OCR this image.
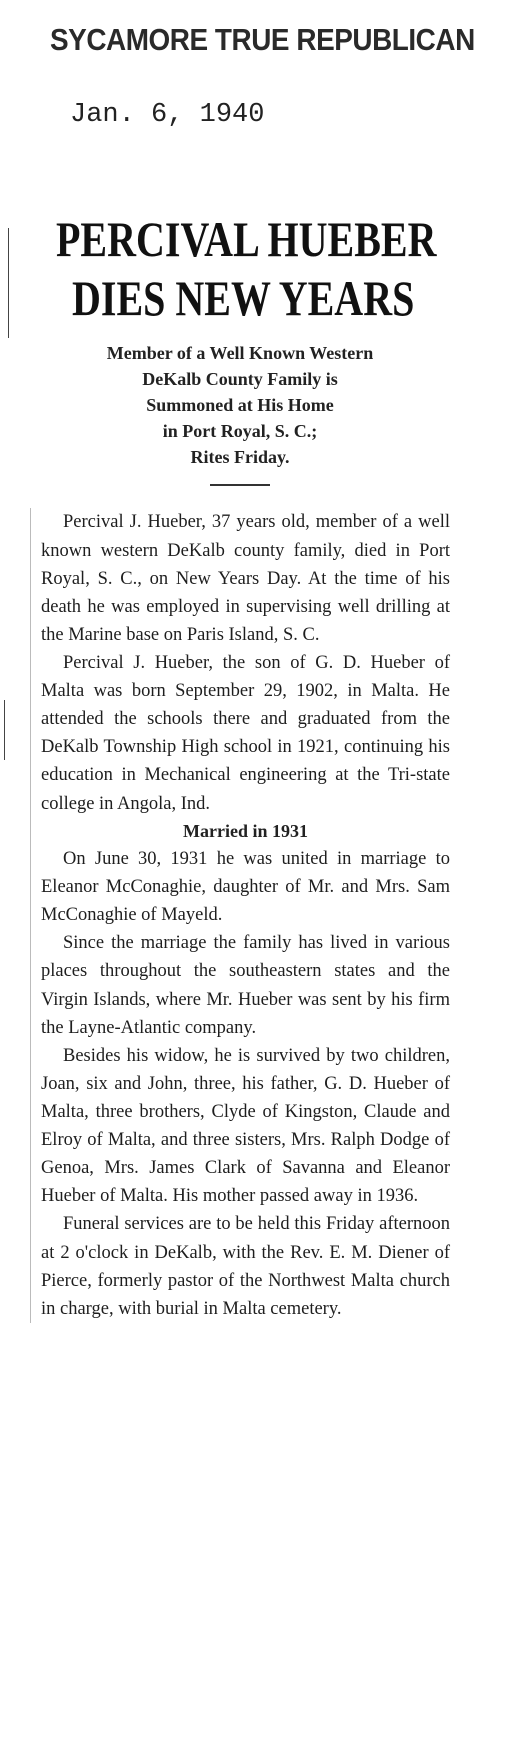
SYCAMORE TRUE REPUBLICAN
Jan. 6, 1940
PERCIVAL HUEBER
DIES NEW YEARS
Member of a Well Known Western
DeKalb County Family is
Summoned at His Home
in Port Royal, S. C.;
Rites Friday.

Percival J. Hueber, 37 years old, member of a well known western DeKalb county family, died in Port Royal, S. C., on New Years Day. At the time of his death he was employed in supervising well drilling at the Marine base on Paris Island, S. C.

Percival J. Hueber, the son of G. D. Hueber of Malta was born September 29, 1902, in Malta. He attended the schools there and graduated from the DeKalb Township High school in 1921, continuing his education in Mechanical engineering at the Tri-state college in Angola, Ind.

Married in 1931

On June 30, 1931 he was united in marriage to Eleanor McConaghie, daughter of Mr. and Mrs. Sam McConaghie of Mayeld.

Since the marriage the family has lived in various places throughout the southeastern states and the Virgin Islands, where Mr. Hueber was sent by his firm the Layne-Atlantic company.

Besides his widow, he is survived by two children, Joan, six and John, three, his father, G. D. Hueber of Malta, three brothers, Clyde of Kingston, Claude and Elroy of Malta, and three sisters, Mrs. Ralph Dodge of Genoa, Mrs. James Clark of Savanna and Eleanor Hueber of Malta. His mother passed away in 1936.

Funeral services are to be held this Friday afternoon at 2 o'clock in DeKalb, with the Rev. E. M. Diener of Pierce, formerly pastor of the Northwest Malta church in charge, with burial in Malta cemetery.
